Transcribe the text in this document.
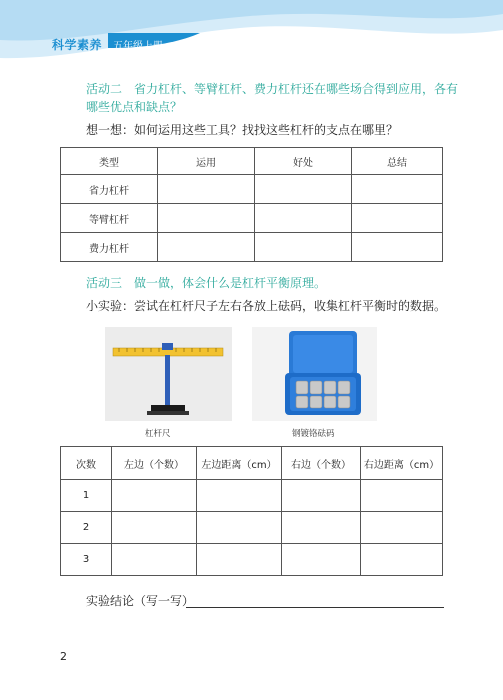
科学素养 五年级上册
活动二　省力杠杆、等臂杠杆、费力杠杆还在哪些场合得到应用，各有哪些优点和缺点？
想一想：如何运用这些工具？找找这些杠杆的支点在哪里？
类型	运用	好处	总结
省力杠杆			
等臂杠杆			
费力杠杆			
活动三　做一做，体会什么是杠杆平衡原理。
小实验：尝试在杠杆尺子左右各放上砝码，收集杠杆平衡时的数据。
杠杆尺	钢镀铬砝码
次数	左边（个数）	左边距离（cm）	右边（个数）	右边距离（cm）
1				
2				
3				
实验结论（写一写）
2
